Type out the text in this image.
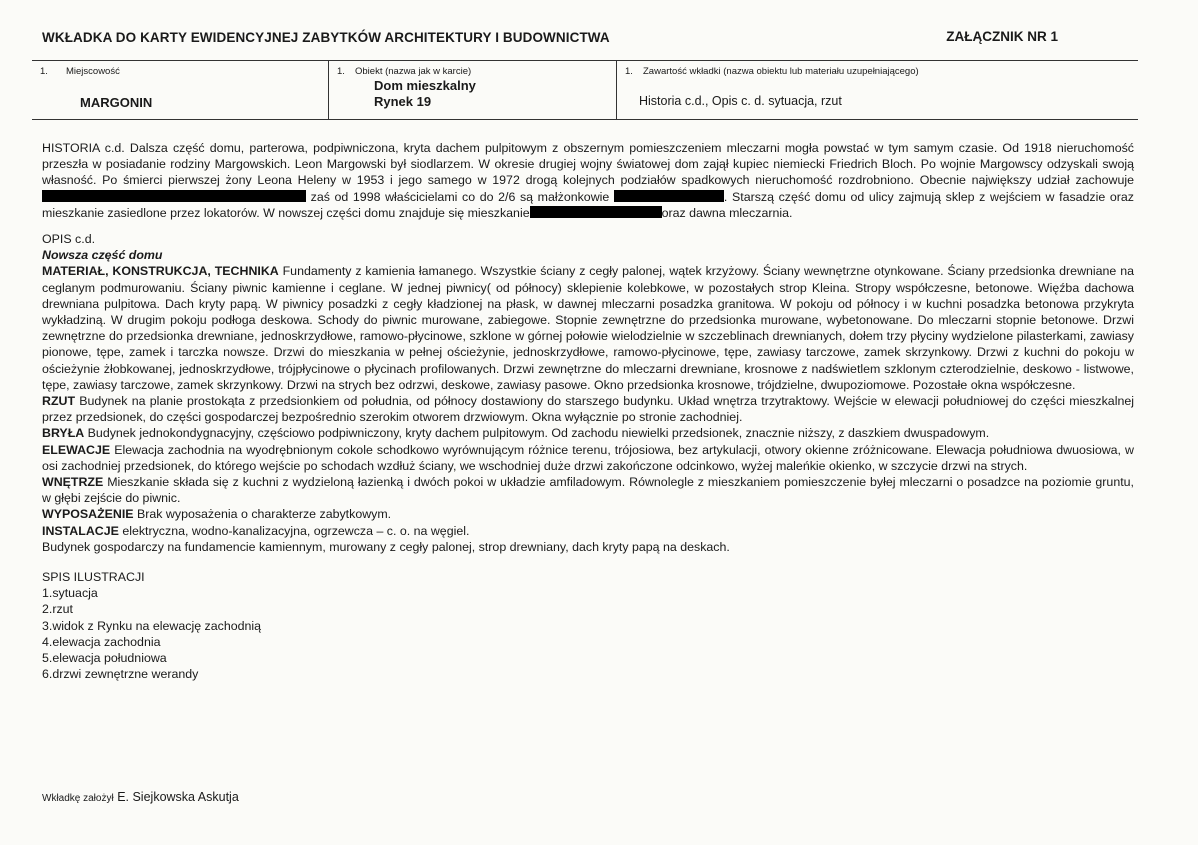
WKŁADKA DO KARTY EWIDENCYJNEJ ZABYTKÓW ARCHITEKTURY I BUDOWNICTWA	ZAŁĄCZNIK NR 1
1. Miejscowość
MARGONIN
1. Obiekt (nazwa jak w karcie)
Dom mieszkalny
Rynek 19
1. Zawartość wkładki (nazwa obiektu lub materiału uzupełniającego)
Historia c.d., Opis c. d. sytuacja, rzut

HISTORIA c.d. Dalsza część domu, parterowa, podpiwniczona, kryta dachem pulpitowym z obszernym pomieszczeniem mleczarni mogła powstać w tym samym czasie. Od 1918 nieruchomość przeszła w posiadanie rodziny Margowskich. Leon Margowski był siodlarzem. W okresie drugiej wojny światowej dom zajął kupiec niemiecki Friedrich Bloch. Po wojnie Margowscy odzyskali swoją własność. Po śmierci pierwszej żony Leona Heleny w 1953 i jego samego w 1972 drogą kolejnych podziałów spadkowych nieruchomość rozdrobniono. Obecnie największy udział zachowuje  zaś od 1998 właścicielami co do 2/6 są małżonkowie	. Starszą część domu od ulicy zajmują sklep z wejściem w fasadzie oraz mieszkanie zasiedlone przez lokatorów. W nowszej części domu znajduje się mieszkanie	oraz dawna mleczarnia.

OPIS c.d.

Nowsza część domu

MATERIAŁ, KONSTRUKCJA, TECHNIKA Fundamenty z kamienia łamanego. Wszystkie ściany z cegły palonej, wątek krzyżowy. Ściany wewnętrzne otynkowane. Ściany przedsionka drewniane na ceglanym podmurowaniu. Ściany piwnic kamienne i ceglane. W jednej piwnicy( od północy) sklepienie kolebkowe, w pozostałych strop Kleina. Stropy współczesne, betonowe. Więźba dachowa drewniana pulpitowa. Dach kryty papą. W piwnicy posadzki z cegły kładzionej na płask, w dawnej mleczarni posadzka granitowa. W pokoju od północy i w kuchni posadzka betonowa przykryta wykładziną. W drugim pokoju podłoga deskowa. Schody do piwnic murowane, zabiegowe. Stopnie zewnętrzne do przedsionka murowane, wybetonowane. Do mleczarni stopnie betonowe. Drzwi zewnętrzne do przedsionka drewniane, jednoskrzydłowe, ramowo-płycinowe, szklone w górnej połowie wielodzielnie w szczeblinach drewnianych, dołem trzy płyciny wydzielone pilasterkami, zawiasy pionowe, tępe, zamek i tarczka nowsze. Drzwi do mieszkania w pełnej ościeżynie, jednoskrzydłowe, ramowo-płycinowe, tępe, zawiasy tarczowe, zamek skrzynkowy. Drzwi z kuchni do pokoju w ościeżynie żłobkowanej, jednoskrzydłowe, trójpłycinowe o płycinach profilowanych. Drzwi zewnętrzne do mleczarni drewniane, krosnowe z nadświetlem szklonym czterodzielnie, deskowo - listwowe, tępe, zawiasy tarczowe, zamek skrzynkowy. Drzwi na strych bez odrzwi, deskowe, zawiasy pasowe. Okno przedsionka krosnowe, trójdzielne, dwupoziomowe. Pozostałe okna współczesne.

RZUT Budynek na planie prostokąta z przedsionkiem od południa, od północy dostawiony do starszego budynku. Układ wnętrza trzytraktowy. Wejście w elewacji południowej do części mieszkalnej przez przedsionek, do części gospodarczej bezpośrednio szerokim otworem drzwiowym. Okna wyłącznie po stronie zachodniej.

BRYŁA Budynek jednokondygnacyjny, częściowo podpiwniczony, kryty dachem pulpitowym. Od zachodu niewielki przedsionek, znacznie niższy, z daszkiem dwuspadowym.

ELEWACJE Elewacja zachodnia na wyodrębnionym cokole schodkowo wyrównującym różnice terenu, trójosiowa, bez artykulacji, otwory okienne zróżnicowane. Elewacja południowa dwuosiowa, w osi zachodniej przedsionek, do którego wejście po schodach wzdłuż ściany, we wschodniej duże drzwi zakończone odcinkowo, wyżej maleńkie okienko, w szczycie drzwi na strych.

WNĘTRZE Mieszkanie składa się z kuchni z wydzieloną łazienką i dwóch pokoi w układzie amfiladowym. Równolegle z mieszkaniem pomieszczenie byłej mleczarni o posadzce na poziomie gruntu, w głębi zejście do piwnic.

WYPOSAŻENIE Brak wyposażenia o charakterze zabytkowym.

INSTALACJE elektryczna, wodno-kanalizacyjna, ogrzewcza – c. o. na węgiel.

Budynek gospodarczy na fundamencie kamiennym, murowany z cegły palonej, strop drewniany, dach kryty papą na deskach.

SPIS ILUSTRACJI

1.sytuacja

2.rzut

3.widok z Rynku na elewację zachodnią

4.elewacja zachodnia

5.elewacja południowa

6.drzwi zewnętrzne werandy

Wkładkę założył E. Siejkowska Askutja
